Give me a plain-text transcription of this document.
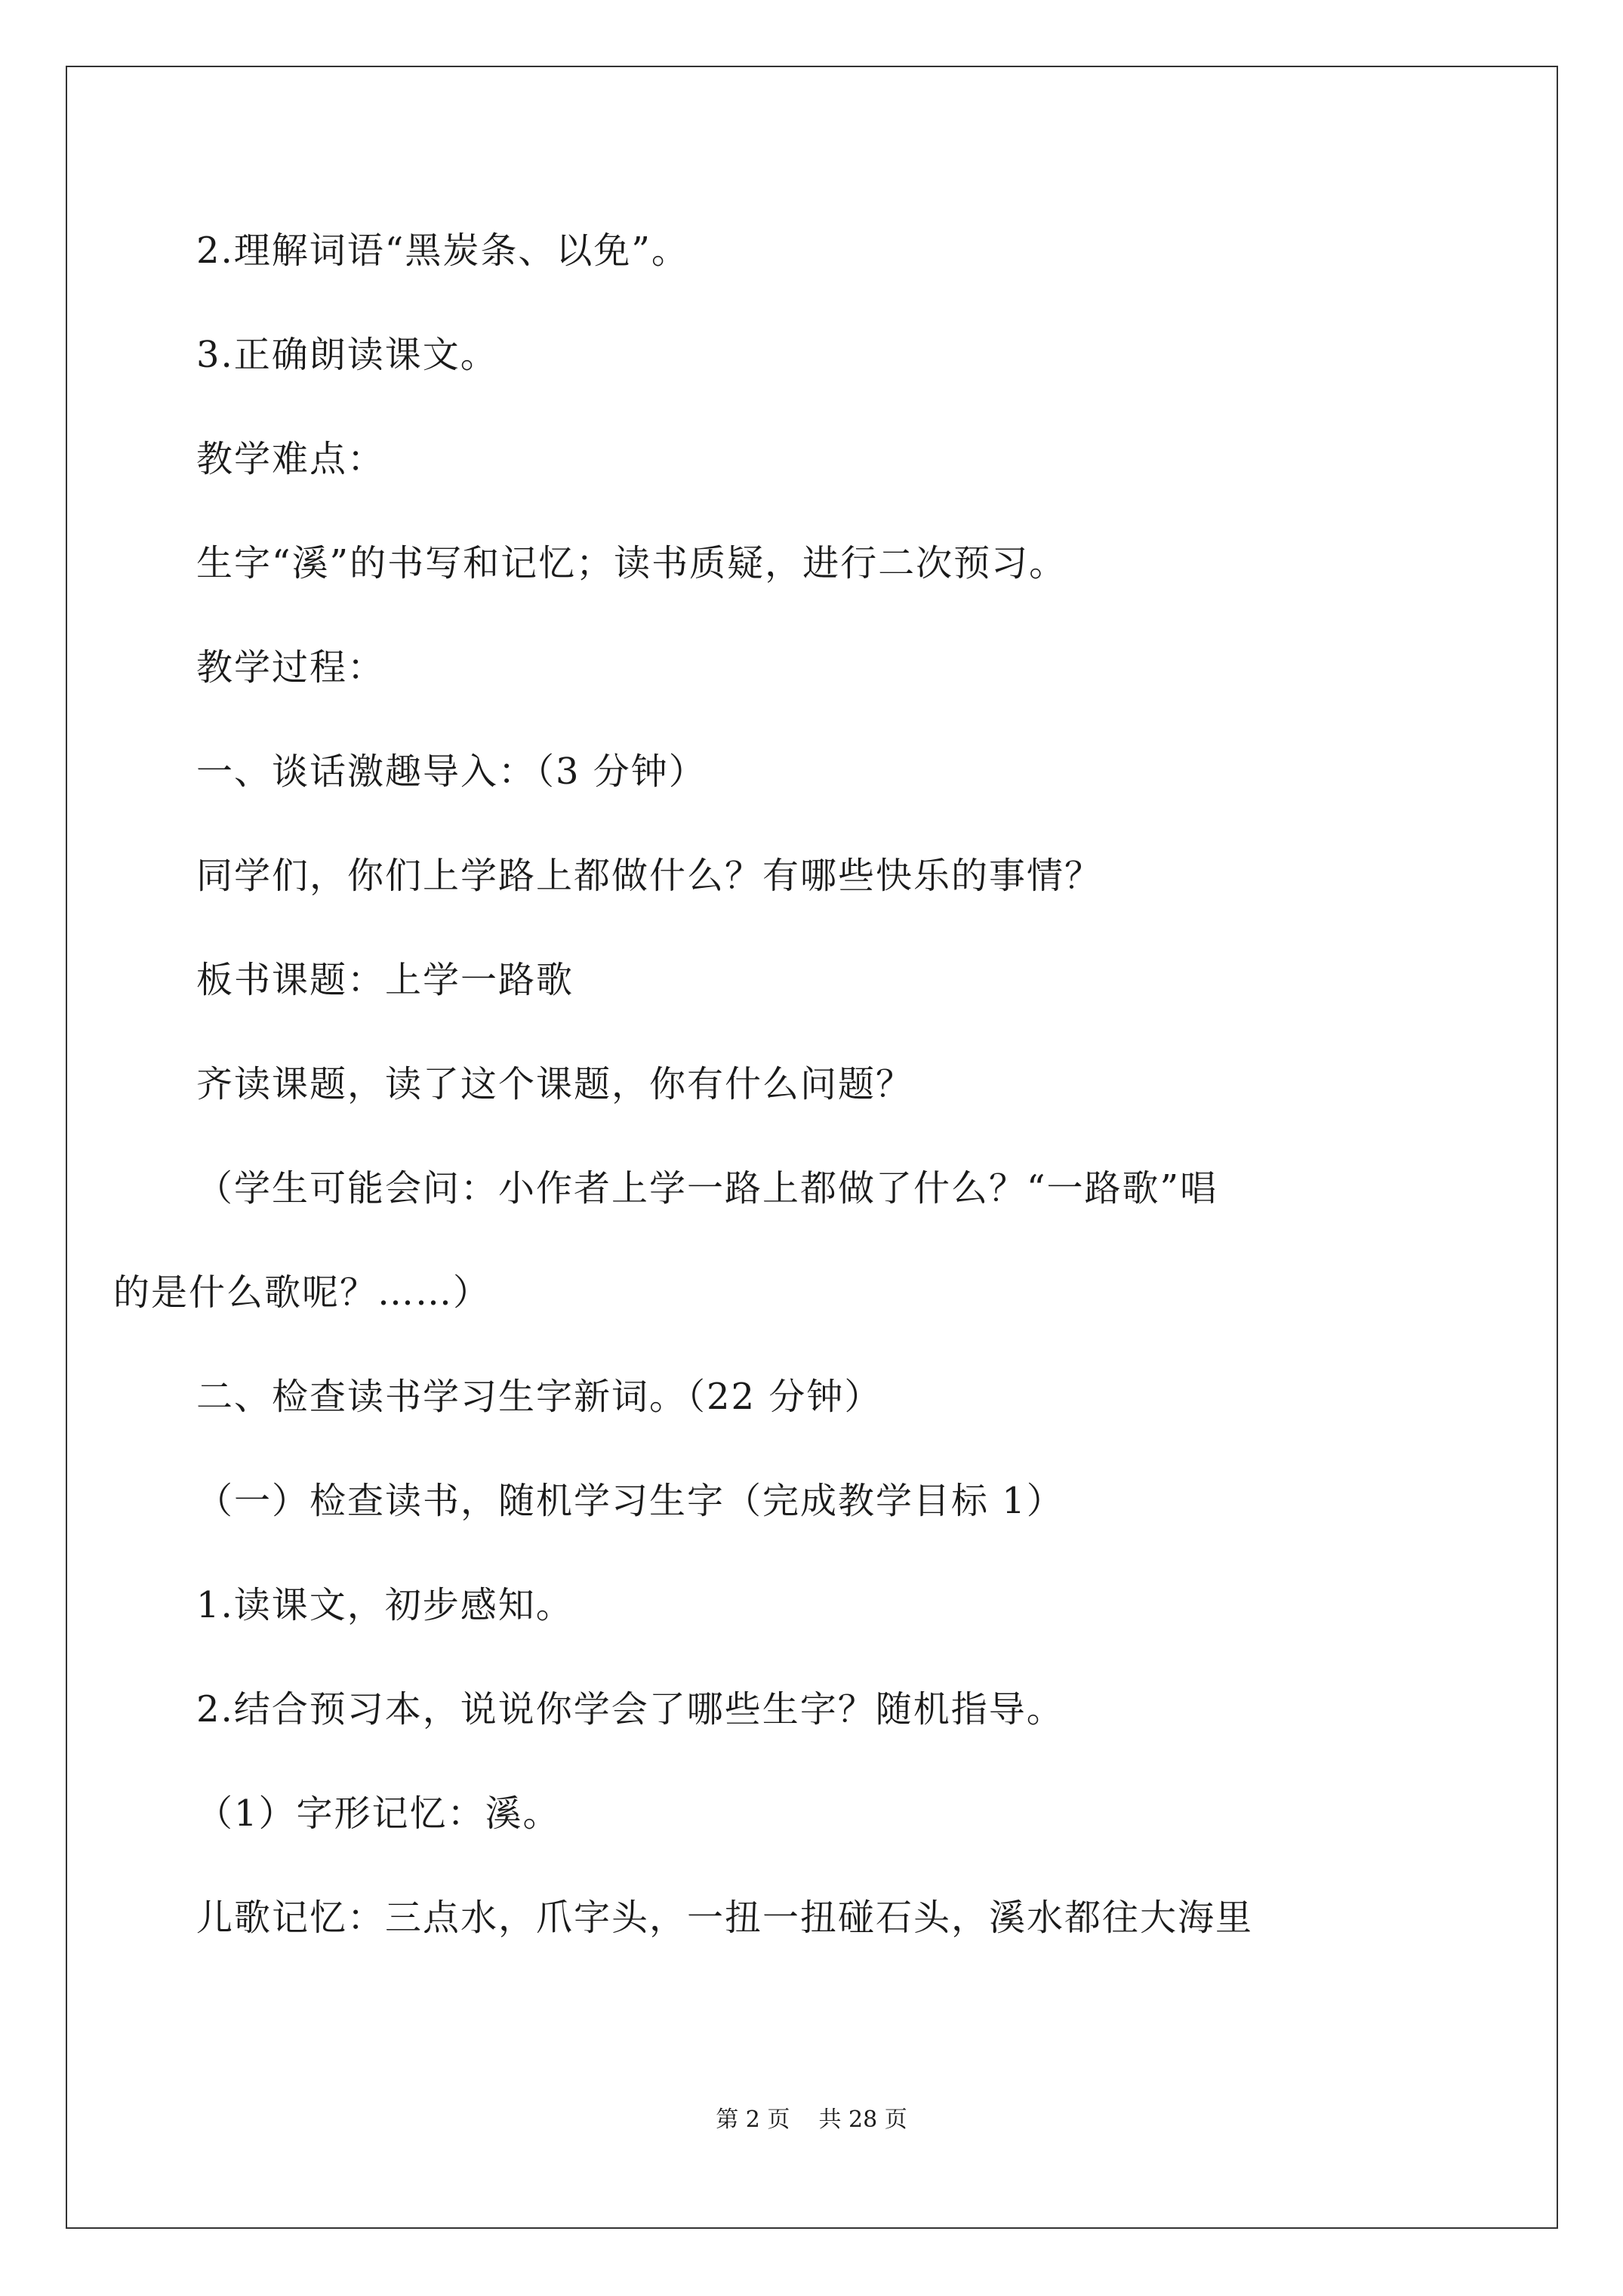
2.理解词语“黑炭条、以免”。
3.正确朗读课文。
教学难点：
生字“溪”的书写和记忆；读书质疑，进行二次预习。
教学过程：
一、谈话激趣导入：（3 分钟）
同学们，你们上学路上都做什么？有哪些快乐的事情？
板书课题：上学一路歌
齐读课题，读了这个课题，你有什么问题？
（学生可能会问：小作者上学一路上都做了什么？“一路歌”唱
的是什么歌呢？……）
二、检查读书学习生字新词。（22 分钟）
（一）检查读书，随机学习生字（完成教学目标 1）
1.读课文，初步感知。
2.结合预习本，说说你学会了哪些生字？随机指导。
（1）字形记忆：溪。
儿歌记忆：三点水，爪字头，一扭一扭碰石头，溪水都往大海里
第 2 页    共 28 页
